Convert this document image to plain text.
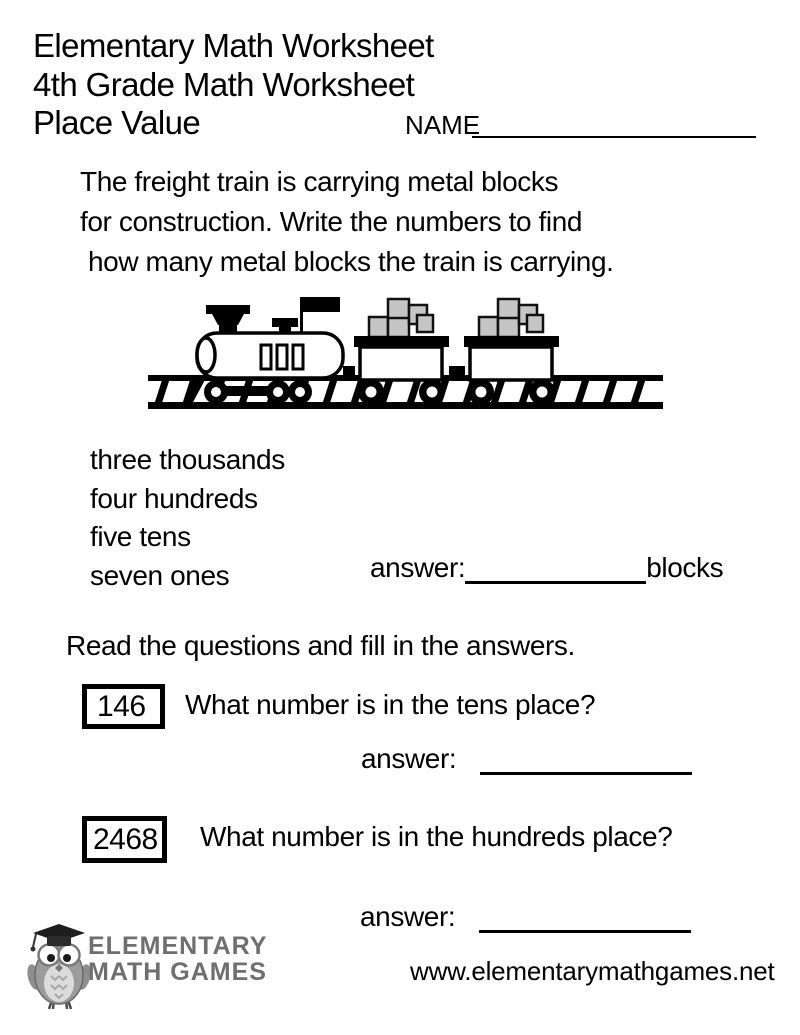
Elementary Math Worksheet
4th Grade Math Worksheet
Place Value	NAME
The freight train is carrying metal blocks
for construction. Write the numbers to find
how many metal blocks the train is carrying.
three thousands
four hundreds
five tens
seven ones	answer:	blocks
Read the questions and fill in the answers.
146 What number is in the tens place?
answer:
2468 What number is in the hundreds place?
answer:
ELEMENTARY
MATH GAMES	www.elementarymathgames.net
